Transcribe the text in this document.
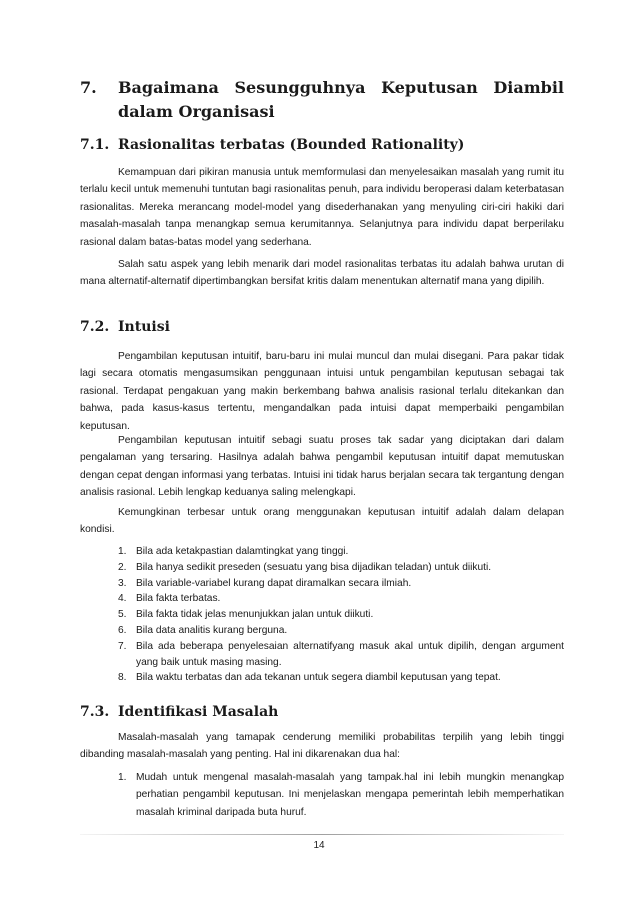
7. Bagaimana Sesungguhnya Keputusan Diambil dalam Organisasi
7.1. Rasionalitas terbatas (Bounded Rationality)

Kemampuan dari pikiran manusia untuk memformulasi dan menyelesaikan masalah yang rumit itu terlalu kecil untuk memenuhi tuntutan bagi rasionalitas penuh, para individu beroperasi dalam keterbatasan rasionalitas. Mereka merancang model-model yang disederhanakan yang menyuling ciri-ciri hakiki dari masalah-masalah tanpa menangkap semua kerumitannya. Selanjutnya para individu dapat berperilaku rasional dalam batas-batas model yang sederhana.

Salah satu aspek yang lebih menarik dari model rasionalitas terbatas itu adalah bahwa urutan di mana alternatif-alternatif dipertimbangkan bersifat kritis dalam menentukan alternatif mana yang dipilih.

7.2. Intuisi

Pengambilan keputusan intuitif, baru-baru ini mulai muncul dan mulai disegani. Para pakar tidak lagi secara otomatis mengasumsikan penggunaan intuisi untuk pengambilan keputusan sebagai tak rasional. Terdapat pengakuan yang makin berkembang bahwa analisis rasional terlalu ditekankan dan bahwa, pada kasus-kasus tertentu, mengandalkan pada intuisi dapat memperbaiki pengambilan keputusan.

Pengambilan keputusan intuitif sebagi suatu proses tak sadar yang diciptakan dari dalam pengalaman yang tersaring. Hasilnya adalah bahwa pengambil keputusan intuitif dapat memutuskan dengan cepat dengan informasi yang terbatas. Intuisi ini tidak harus berjalan secara tak tergantung dengan analisis rasional. Lebih lengkap keduanya saling melengkapi.

Kemungkinan terbesar untuk orang menggunakan keputusan intuitif adalah dalam delapan kondisi.

1. Bila ada ketakpastian dalamtingkat yang tinggi.
2. Bila hanya sedikit preseden (sesuatu yang bisa dijadikan teladan) untuk diikuti.
3. Bila variable-variabel kurang dapat diramalkan secara ilmiah.
4. Bila fakta terbatas.
5. Bila fakta tidak jelas menunjukkan jalan untuk diikuti.
6. Bila data analitis kurang berguna.
7. Bila ada beberapa penyelesaian alternatifyang masuk akal untuk dipilih, dengan argument yang baik untuk masing masing.
8. Bila waktu terbatas dan ada tekanan untuk segera diambil keputusan yang tepat.
7.3. Identifikasi Masalah

Masalah-masalah yang tamapak cenderung memiliki probabilitas terpilih yang lebih tinggi dibanding masalah-masalah yang penting. Hal ini dikarenakan dua hal:

1. Mudah untuk mengenal masalah-masalah yang tampak.hal ini lebih mungkin menangkap perhatian pengambil keputusan. Ini menjelaskan mengapa pemerintah lebih memperhatikan masalah kriminal daripada buta huruf.
14
